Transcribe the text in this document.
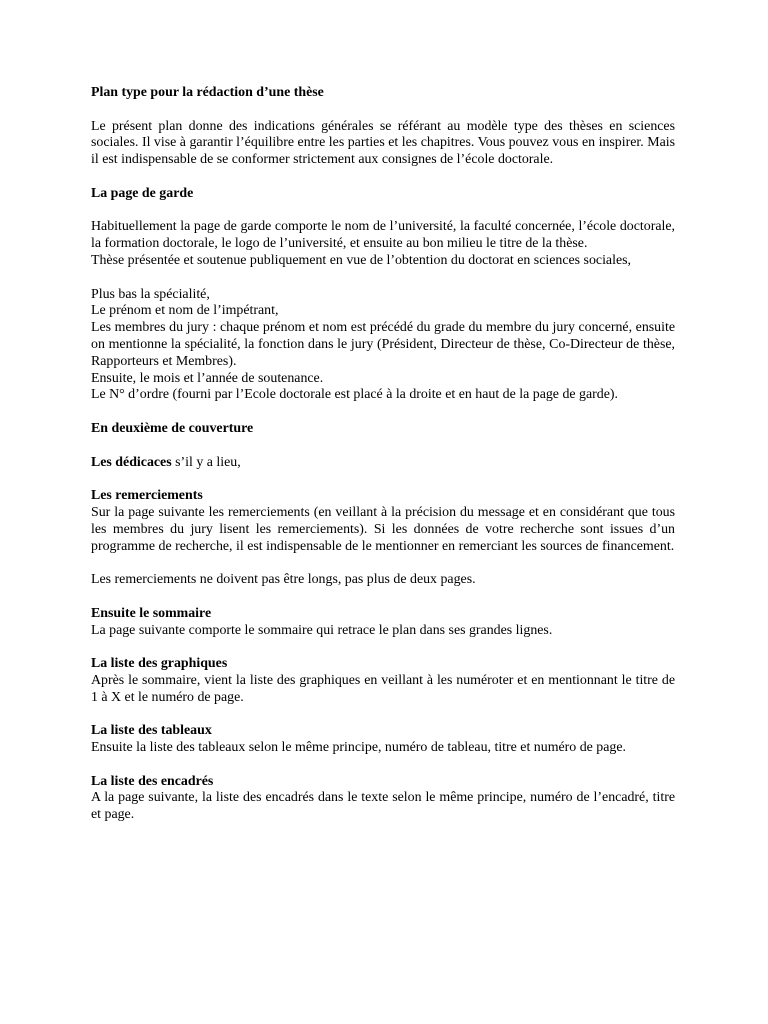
Plan type pour la rédaction d’une thèse

Le présent plan donne des indications générales se référant au modèle type des thèses en sciences sociales. Il vise à garantir l’équilibre entre les parties et les chapitres. Vous pouvez vous en inspirer. Mais il est indispensable de se conformer strictement aux consignes de l’école doctorale.

La page de garde

Habituellement la page de garde comporte le nom de l’université, la faculté concernée, l’école doctorale, la formation doctorale, le logo de l’université, et ensuite au bon milieu le titre de la thèse.

Thèse présentée et soutenue publiquement en vue de l’obtention du doctorat en sciences sociales,

Plus bas la spécialité,

Le prénom et nom de l’impétrant,

Les membres du jury : chaque prénom et nom est précédé du grade du membre du jury concerné, ensuite on mentionne la spécialité, la fonction dans le jury (Président, Directeur de thèse, Co-Directeur de thèse, Rapporteurs et Membres).

Ensuite, le mois et l’année de soutenance.

Le N° d’ordre (fourni par l’Ecole doctorale est placé à la droite et en haut de la page de garde).

En deuxième de couverture

Les dédicaces s’il y a lieu,

Les remerciements

Sur la page suivante les remerciements (en veillant à la précision du message et en considérant que tous les membres du jury lisent les remerciements). Si les données de votre recherche sont issues d’un programme de recherche, il est indispensable de le mentionner en remerciant les sources de financement.

Les remerciements ne doivent pas être longs, pas plus de deux pages.

Ensuite le sommaire

La page suivante comporte le sommaire qui retrace le plan dans ses grandes lignes.

La liste des graphiques

Après le sommaire, vient la liste des graphiques en veillant à les numéroter et en mentionnant le titre de 1 à X et le numéro de page.

La liste des tableaux

Ensuite la liste des tableaux selon le même principe, numéro de tableau, titre et numéro de page.

La liste des encadrés

A la page suivante, la liste des encadrés dans le texte selon le même principe, numéro de l’encadré, titre et page.
